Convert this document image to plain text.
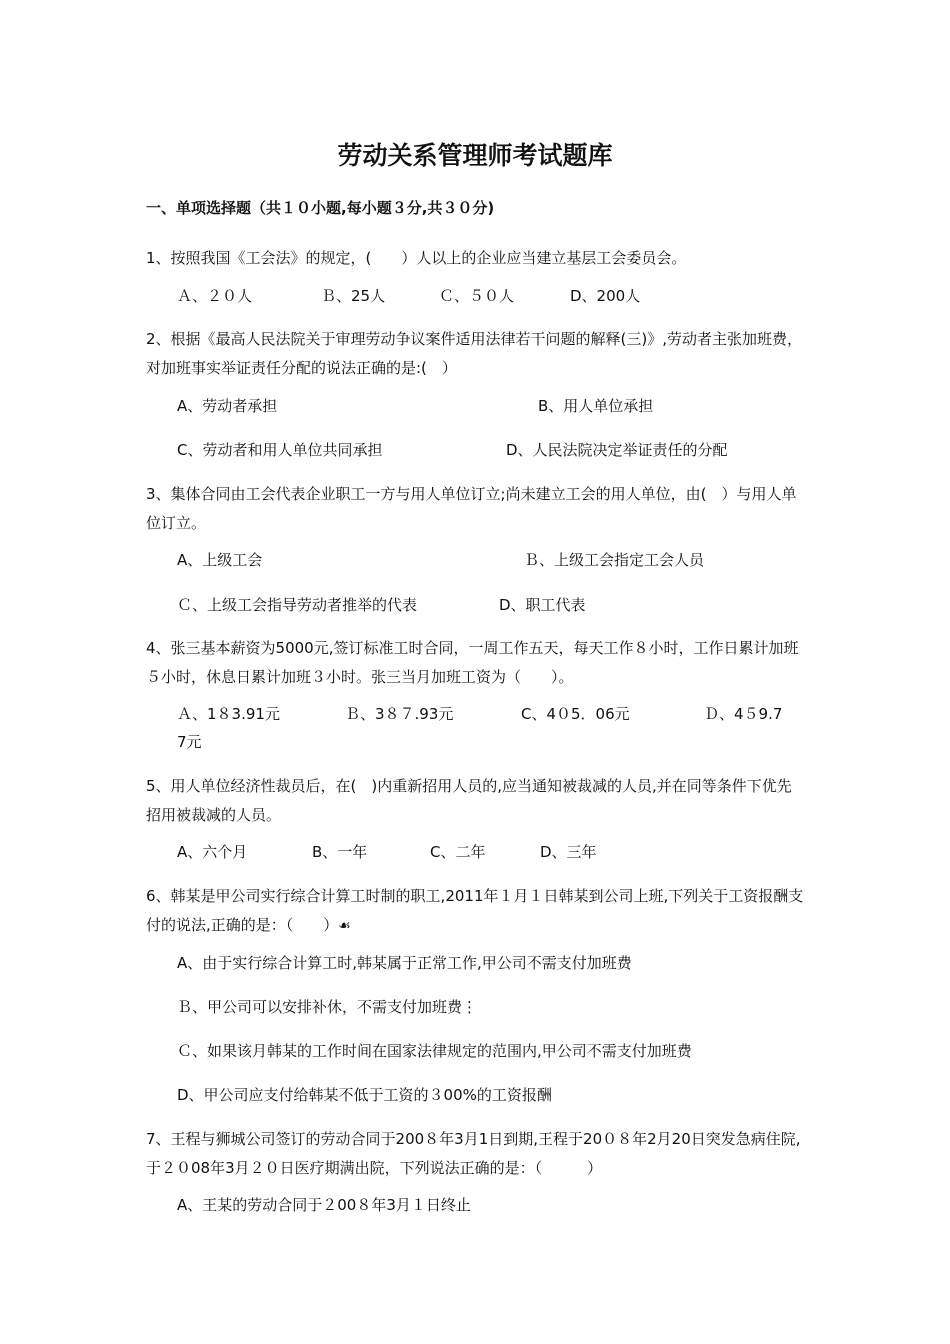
劳动关系管理师考试题库
一、单项选择题（共１０小题,每小题３分,共３０分)
1、按照我国《工会法》的规定，(　　）人以上的企业应当建立基层工会委员会。
Ａ、２０人	Ｂ、25人	Ｃ、５０人	D、200人
2、根据《最高人民法院关于审理劳动争议案件适用法律若干问题的解释(三)》,劳动者主张加班费，对加班事实举证责任分配的说法正确的是:(　）
A、劳动者承担	B、用人单位承担
C、劳动者和用人单位共同承担	D、人民法院决定举证责任的分配
3、集体合同由工会代表企业职工一方与用人单位订立;尚未建立工会的用人单位，由(　）与用人单位订立。
A、上级工会	Ｂ、上级工会指定工会人员
Ｃ、上级工会指导劳动者推举的代表	D、职工代表
4、张三基本薪资为5000元,签订标准工时合同，一周工作五天，每天工作８小时，工作日累计加班５小时，休息日累计加班３小时。张三当月加班工资为（　　）。
Ａ、1８3.91元	Ｂ、3８７.93元	C、4０5．06元	Ｄ、4５9.7
7元
5、用人单位经济性裁员后，在(　)内重新招用人员的,应当通知被裁减的人员,并在同等条件下优先招用被裁减的人员。
A、六个月	B、一年	C、二年	D、三年
6、韩某是甲公司实行综合计算工时制的职工,2011年１月１日韩某到公司上班,下列关于工资报酬支付的说法,正确的是：（　　）☙
A、由于实行综合计算工时,韩某属于正常工作,甲公司不需支付加班费
Ｂ、甲公司可以安排补休，不需支付加班费⋮
Ｃ、如果该月韩某的工作时间在国家法律规定的范围内,甲公司不需支付加班费
D、甲公司应支付给韩某不低于工资的３00%的工资报酬
7、王程与狮城公司签订的劳动合同于200８年3月1日到期,王程于20０８年2月20日突发急病住院,于２０08年3月２０日医疗期满出院，下列说法正确的是：（　　　）
A、王某的劳动合同于２00８年3月１日终止
